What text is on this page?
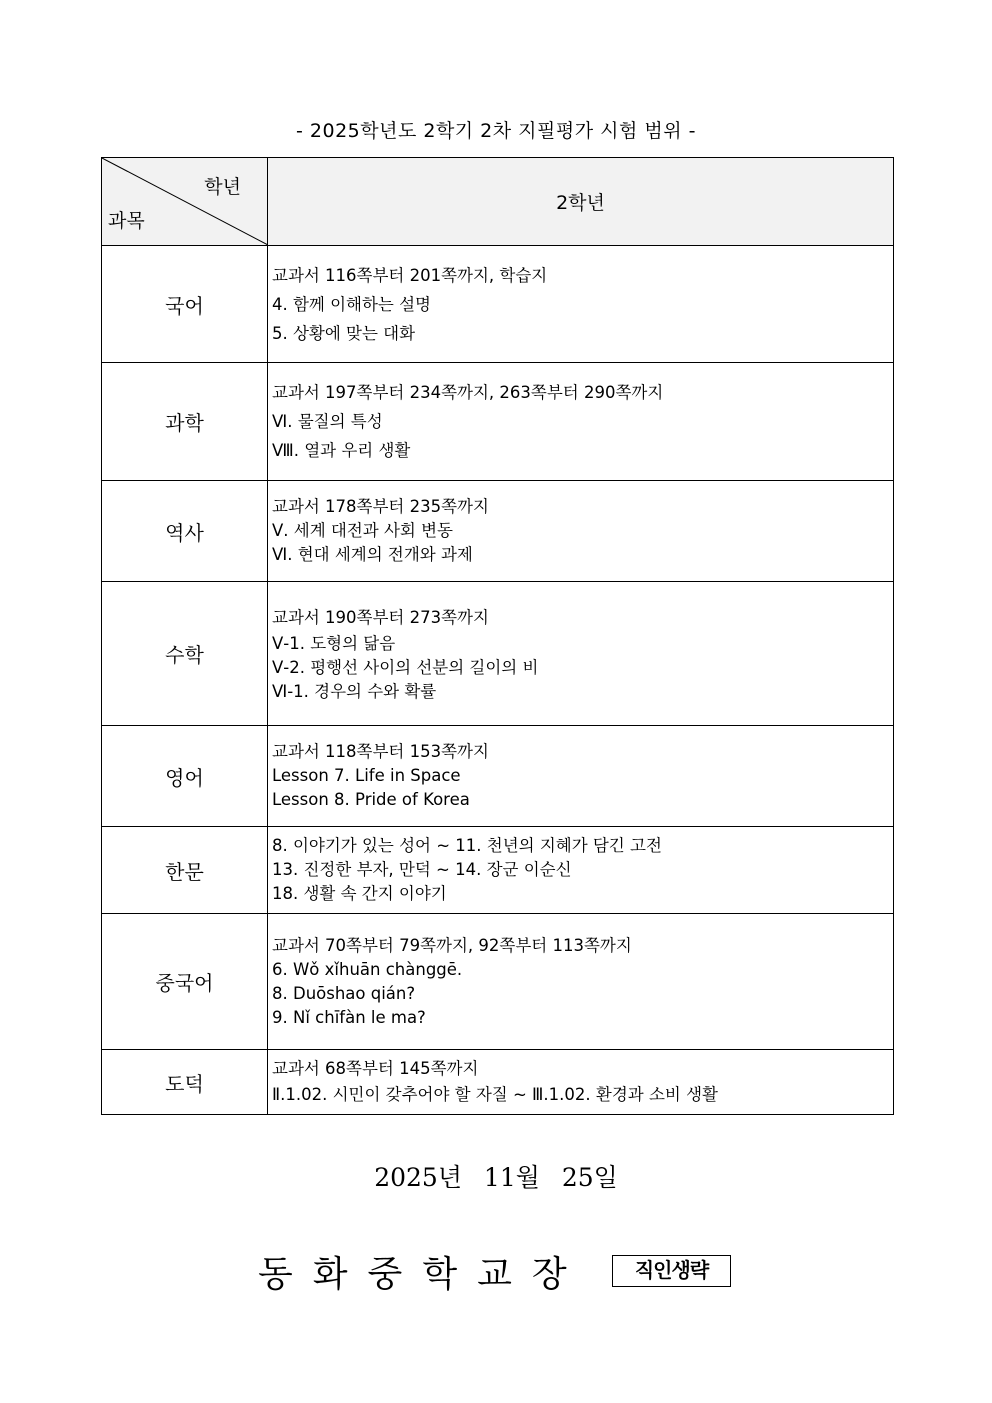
- 2025학년도 2학기 2차 지필평가 시험 범위 -
학년
과목	2학년
국어	교과서 116쪽부터 201쪽까지, 학습지
4. 함께 이해하는 설명
5. 상황에 맞는 대화

과학	교과서 197쪽부터 234쪽까지, 263쪽부터 290쪽까지
Ⅵ. 물질의 특성
Ⅷ. 열과 우리 생활

역사	교과서 178쪽부터 235쪽까지
Ⅴ. 세계 대전과 사회 변동
Ⅵ. 현대 세계의 전개와 과제

수학	교과서 190쪽부터 273쪽까지
Ⅴ-1. 도형의 닮음
Ⅴ-2. 평행선 사이의 선분의 길이의 비
Ⅵ-1. 경우의 수와 확률

영어	교과서 118쪽부터 153쪽까지
Lesson 7. Life in Space
Lesson 8. Pride of Korea

한문	8. 이야기가 있는 성어 ~ 11. 천년의 지혜가 담긴 고전
13. 진정한 부자, 만덕 ~ 14. 장군 이순신
18. 생활 속 간지 이야기

중국어	교과서 70쪽부터 79쪽까지, 92쪽부터 113쪽까지
6. Wǒ xǐhuān chànggē.
8. Duōshao qián?
9. Nǐ chīfàn le ma?

도덕	교과서 68쪽부터 145쪽까지
Ⅱ.1.02. 시민이 갖추어야 할 자질 ~ Ⅲ.1.02. 환경과 소비 생활
2025년 11월 25일
동화중학교장	직인생략
